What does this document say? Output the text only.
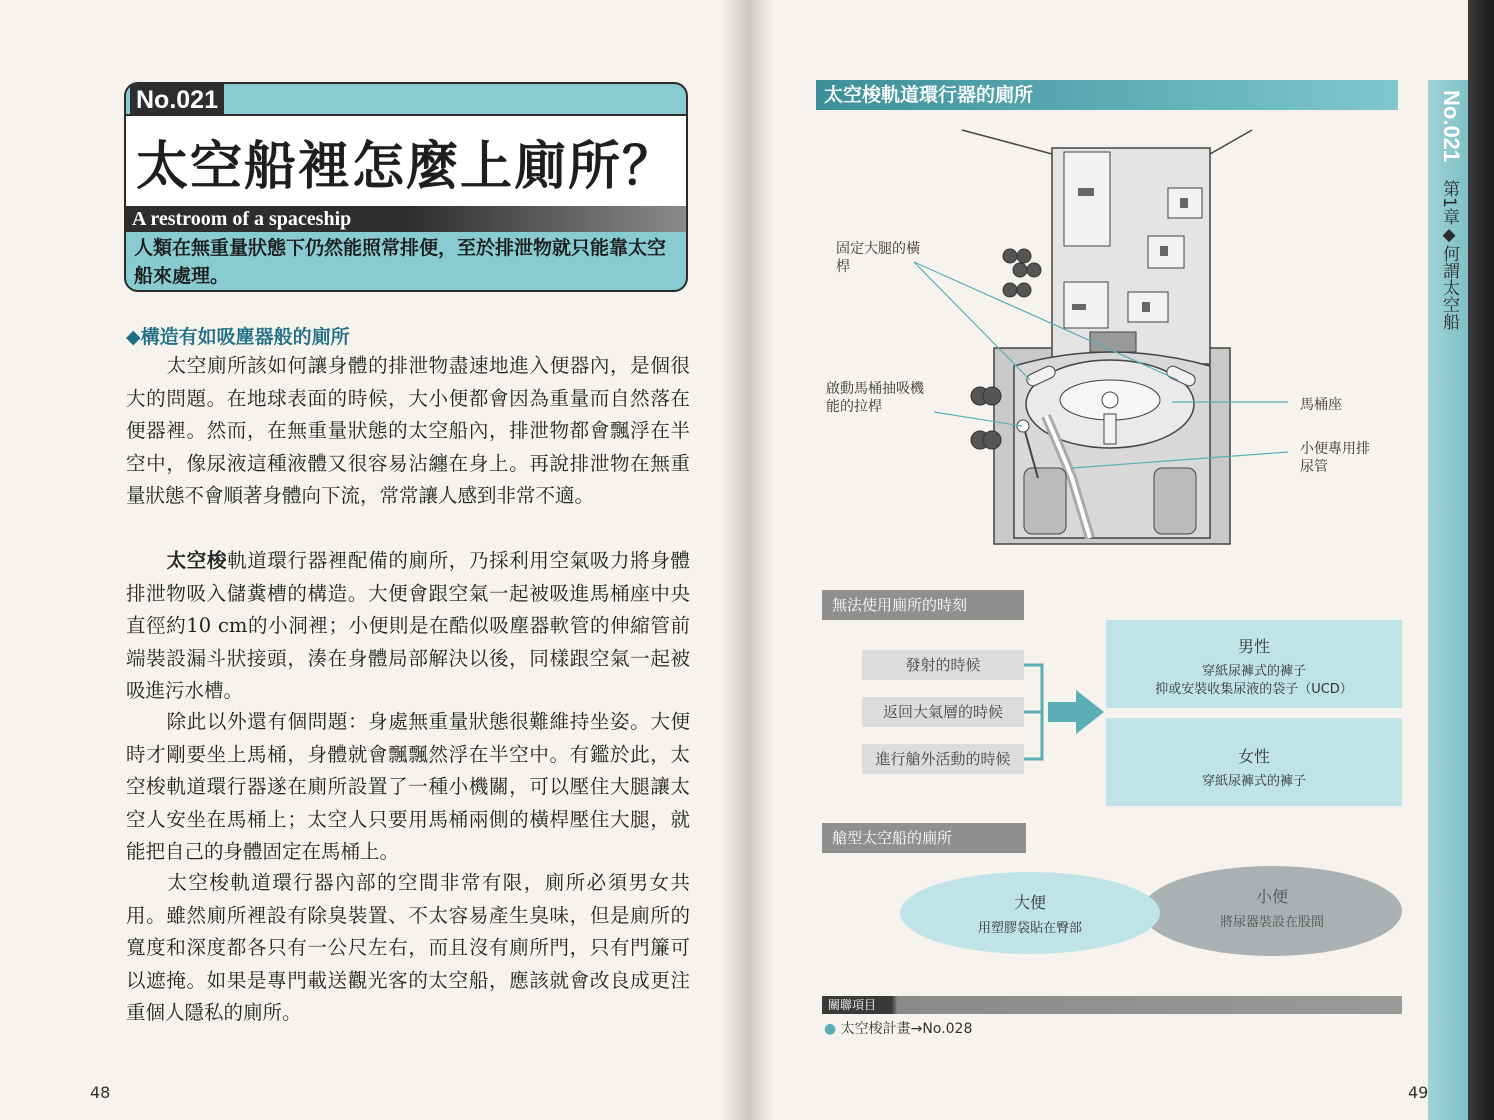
No.021
太空船裡怎麼上廁所？
A restroom of a spaceship
人類在無重量狀態下仍然能照常排便，至於排泄物就只能靠太空船來處理。
◆構造有如吸塵器般的廁所
太空廁所該如何讓身體的排泄物盡速地進入便器內，是個很大的問題。在地球表面的時候，大小便都會因為重量而自然落在便器裡。然而，在無重量狀態的太空船內，排泄物都會飄浮在半空中，像尿液這種液體又很容易沾纏在身上。再說排泄物在無重量狀態不會順著身體向下流，常常讓人感到非常不適。
太空梭軌道環行器裡配備的廁所，乃採利用空氣吸力將身體排泄物吸入儲糞槽的構造。大便會跟空氣一起被吸進馬桶座中央直徑約10 cm的小洞裡；小便則是在酷似吸塵器軟管的伸縮管前端裝設漏斗狀接頭，湊在身體局部解決以後，同樣跟空氣一起被吸進污水槽。
除此以外還有個問題：身處無重量狀態很難維持坐姿。大便時才剛要坐上馬桶，身體就會飄飄然浮在半空中。有鑑於此，太空梭軌道環行器遂在廁所設置了一種小機關，可以壓住大腿讓太空人安坐在馬桶上；太空人只要用馬桶兩側的橫桿壓住大腿，就能把自己的身體固定在馬桶上。
太空梭軌道環行器內部的空間非常有限，廁所必須男女共用。雖然廁所裡設有除臭裝置、不太容易產生臭味，但是廁所的寬度和深度都各只有一公尺左右，而且沒有廁所門，只有門簾可以遮掩。如果是專門載送觀光客的太空船，應該就會改良成更注重個人隱私的廁所。
48
No.021
第1章◆何謂太空船
太空梭軌道環行器的廁所
固定大腿的橫桿
啟動馬桶抽吸機能的拉桿	馬桶座
小便專用排尿管
無法使用廁所的時刻
發射的時候
返回大氣層的時候
進行艙外活動的時候
男性
穿紙尿褲式的褲子
抑或安裝收集尿液的袋子（UCD）
女性
穿紙尿褲式的褲子
艙型太空船的廁所
小便
將尿器裝設在股間
大便
用塑膠袋貼在臀部
關聯項目
● 太空梭計畫→No.028
49
